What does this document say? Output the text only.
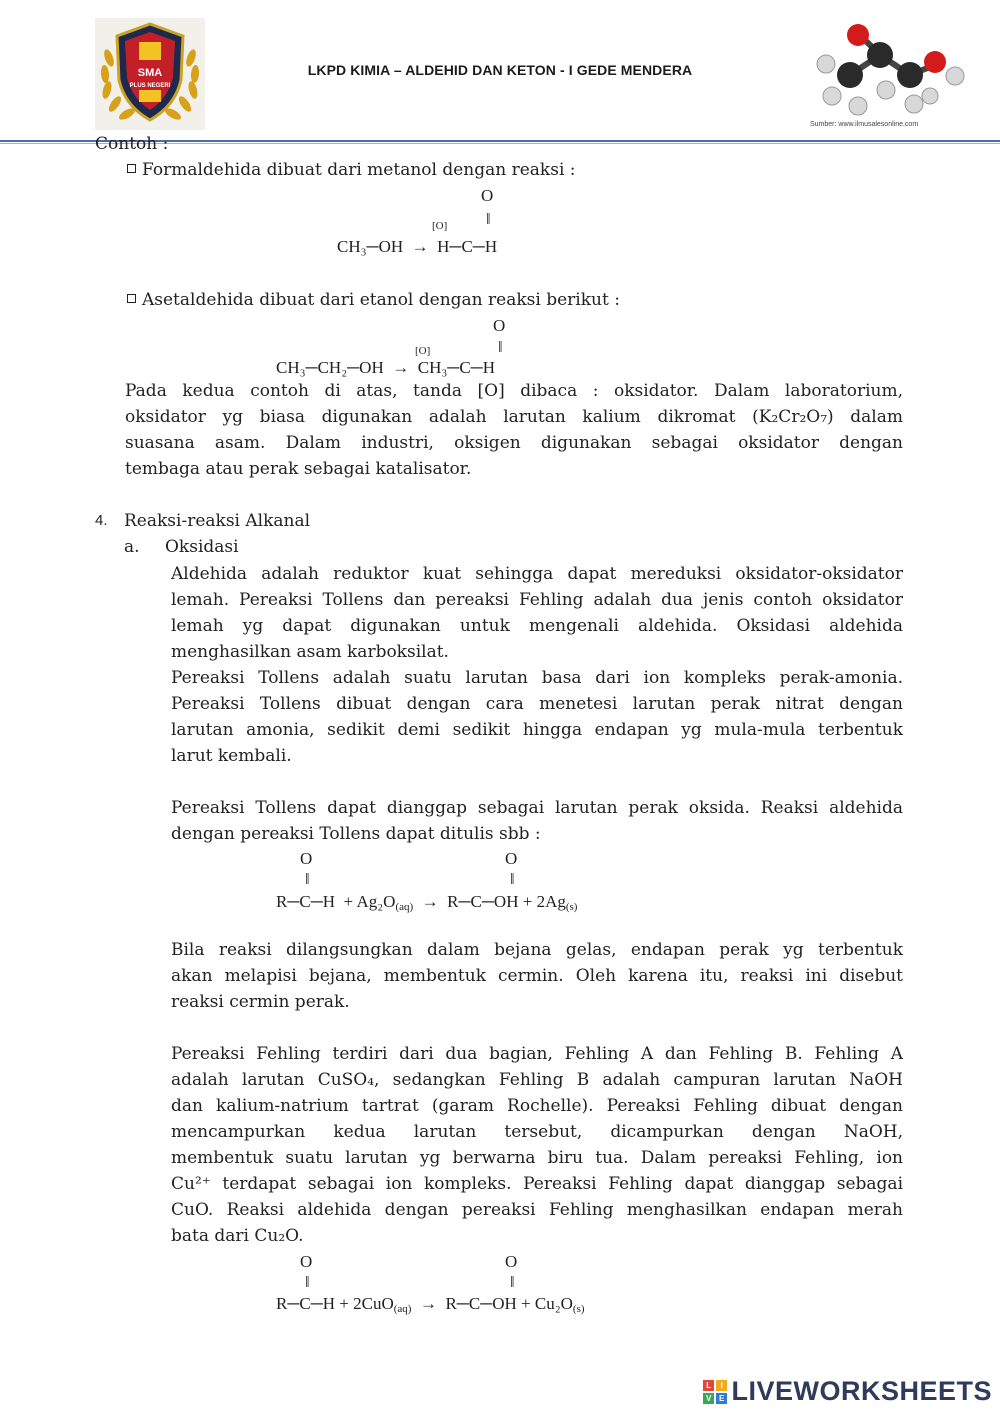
SMA
PLUS NEGERI
LKPD KIMIA – ALDEHID DAN KETON - I GEDE MENDERA
Sumber: www.ilmusalesonline.com
Contoh :
Formaldehida dibuat dari metanol dengan reaksi :
O
‖
[O]
CH₃─OH → H─C─H
Asetaldehida dibuat dari etanol dengan reaksi berikut :
O
‖
[O]
CH₃─CH₂─OH → CH₃─C─H
Pada kedua contoh di atas, tanda [O] dibaca : oksidator. Dalam laboratorium,
oksidator yg biasa digunakan adalah larutan kalium dikromat (K₂Cr₂O₇) dalam
suasana asam. Dalam industri, oksigen digunakan sebagai oksidator dengan
tembaga atau perak sebagai katalisator.
4. Reaksi-reaksi Alkanal
a. Oksidasi
Aldehida adalah reduktor kuat sehingga dapat mereduksi oksidator-oksidator
lemah. Pereaksi Tollens dan pereaksi Fehling adalah dua jenis contoh oksidator
lemah yg dapat digunakan untuk mengenali aldehida. Oksidasi aldehida
menghasilkan asam karboksilat.
Pereaksi Tollens adalah suatu larutan basa dari ion kompleks perak-amonia.
Pereaksi Tollens dibuat dengan cara menetesi larutan perak nitrat dengan
larutan amonia, sedikit demi sedikit hingga endapan yg mula-mula terbentuk
larut kembali.
Pereaksi Tollens dapat dianggap sebagai larutan perak oksida. Reaksi aldehida
dengan pereaksi Tollens dapat ditulis sbb :
O	O
‖	‖
R─C─H + Ag₂O(aq) → R─C─OH + 2Ag(s)
Bila reaksi dilangsungkan dalam bejana gelas, endapan perak yg terbentuk
akan melapisi bejana, membentuk cermin. Oleh karena itu, reaksi ini disebut
reaksi cermin perak.
Pereaksi Fehling terdiri dari dua bagian, Fehling A dan Fehling B. Fehling A
adalah larutan CuSO₄, sedangkan Fehling B adalah campuran larutan NaOH
dan kalium-natrium tartrat (garam Rochelle). Pereaksi Fehling dibuat dengan
mencampurkan kedua larutan tersebut, dicampurkan dengan NaOH,
membentuk suatu larutan yg berwarna biru tua. Dalam pereaksi Fehling, ion
Cu²⁺ terdapat sebagai ion kompleks. Pereaksi Fehling dapat dianggap sebagai
CuO. Reaksi aldehida dengan pereaksi Fehling menghasilkan endapan merah
bata dari Cu₂O.
O	O
‖	‖
R─C─H + 2CuO(aq) → R─C─OH + Cu₂O(s)
L	I
V E LIVEWORKSHEETS
